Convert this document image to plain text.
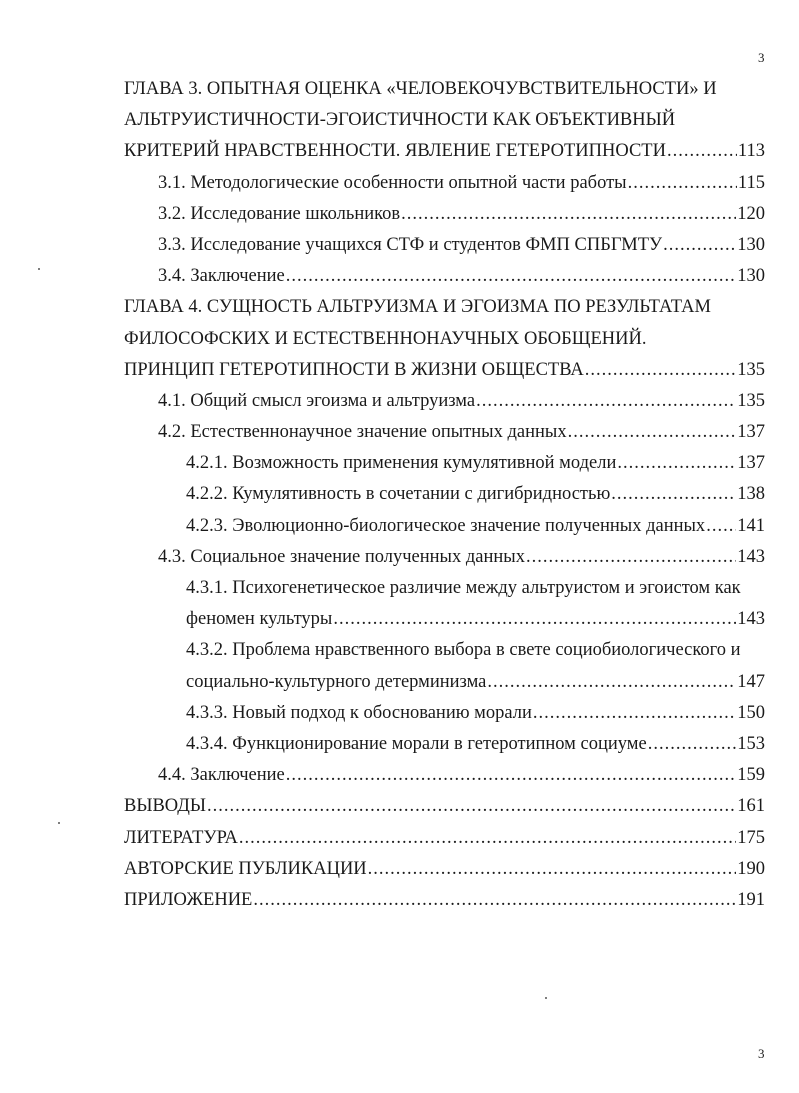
3
ГЛАВА 3. ОПЫТНАЯ ОЦЕНКА «ЧЕЛОВЕКОЧУВСТВИТЕЛЬНОСТИ» И
АЛЬТРУИСТИЧНОСТИ-ЭГОИСТИЧНОСТИ КАК ОБЪЕКТИВНЫЙ
КРИТЕРИЙ НРАВСТВЕННОСТИ. ЯВЛЕНИЕ ГЕТЕРОТИПНОСТИ .....	113
3.1. Методологические особенности опытной части работы .....	115
3.2. Исследование школьников .....	120
3.3. Исследование учащихся СТФ и студентов ФМП СПБГМТУ .....	130
3.4. Заключение .....	130
ГЛАВА 4. СУЩНОСТЬ АЛЬТРУИЗМА И ЭГОИЗМА ПО РЕЗУЛЬТАТАМ
ФИЛОСОФСКИХ И ЕСТЕСТВЕННОНАУЧНЫХ ОБОБЩЕНИЙ.
ПРИНЦИП ГЕТЕРОТИПНОСТИ В ЖИЗНИ ОБЩЕСТВА .....	135
4.1. Общий смысл эгоизма и альтруизма .....	135
4.2. Естественнонаучное значение опытных данных .....	137
4.2.1. Возможность применения кумулятивной модели .....	137
4.2.2. Кумулятивность в сочетании с дигибридностью .....	138
4.2.3. Эволюционно-биологическое значение полученных данных ..... 141
4.3. Социальное значение полученных данных .....	143
4.3.1. Психогенетическое различие между альтруистом и эгоистом как
феномен культуры .....	143
4.3.2. Проблема нравственного выбора в свете социобиологического и
социально-культурного детерминизма .....	147
4.3.3. Новый подход к обоснованию морали .....	150
4.3.4. Функционирование морали в гетеротипном социуме .....	153
4.4. Заключение .....	159
ВЫВОДЫ .....	161
ЛИТЕРАТУРА .....	175
АВТОРСКИЕ ПУБЛИКАЦИИ .....	190
ПРИЛОЖЕНИЕ .....	191
3
